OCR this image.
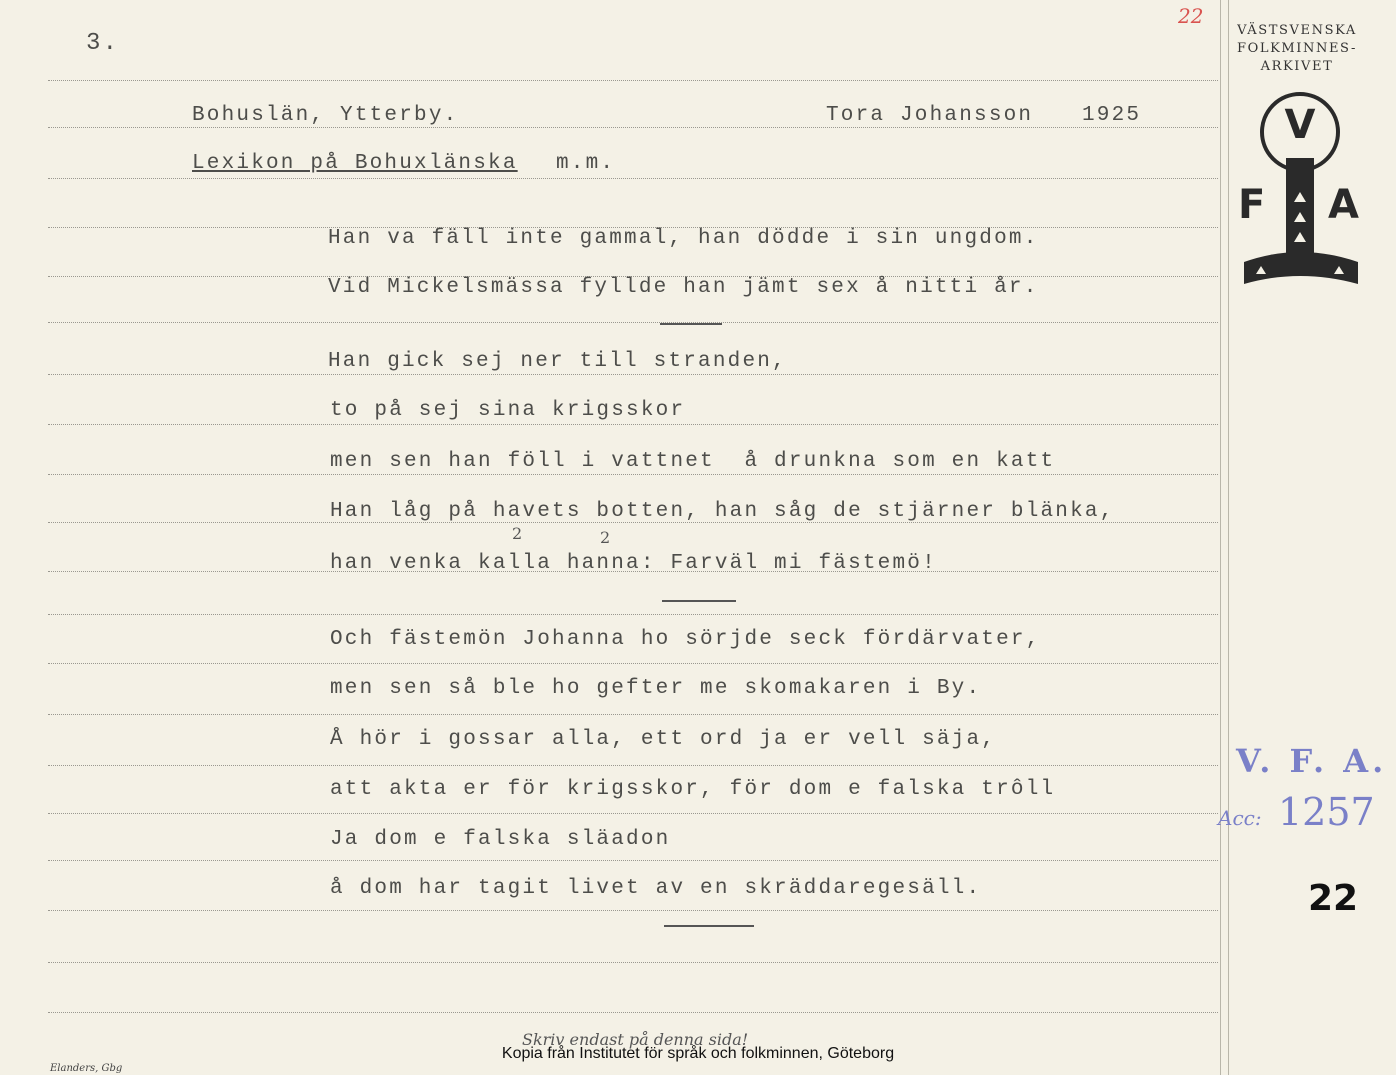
3.
22
Bohuslän, Ytterby.	Tora Johansson 1925
Lexikon på Bohuxlänska m.m.
Han va fäll inte gammal, han dödde i sin ungdom.
Vid Mickelsmässa fyllde han jämt sex å nitti år.
Han gick sej ner till stranden,
to på sej sina krigsskor
men sen han föll i vattnet  å drunkna som en katt
Han låg på havets botten, han såg de stjärner blänka,
han venka kalla hanna: Farväl mi fästemö!
2	2
Och fästemön Johanna ho sörjde seck fördärvater,
men sen så ble ho gefter me skomakaren i By.
Å hör i gossar alla, ett ord ja er vell säja,
att akta er för krigsskor, för dom e falska trôll
Ja dom e falska släadon
å dom har tagit livet av en skräddaregesäll.
VÄSTSVENSKA
FOLKMINNES-
ARKIVET
V
F A
V. F. A.
Acc: 1257
22
Skriv endast på denna sida!
Elanders, Gbg
Kopia från Institutet för språk och folkminnen, Göteborg
